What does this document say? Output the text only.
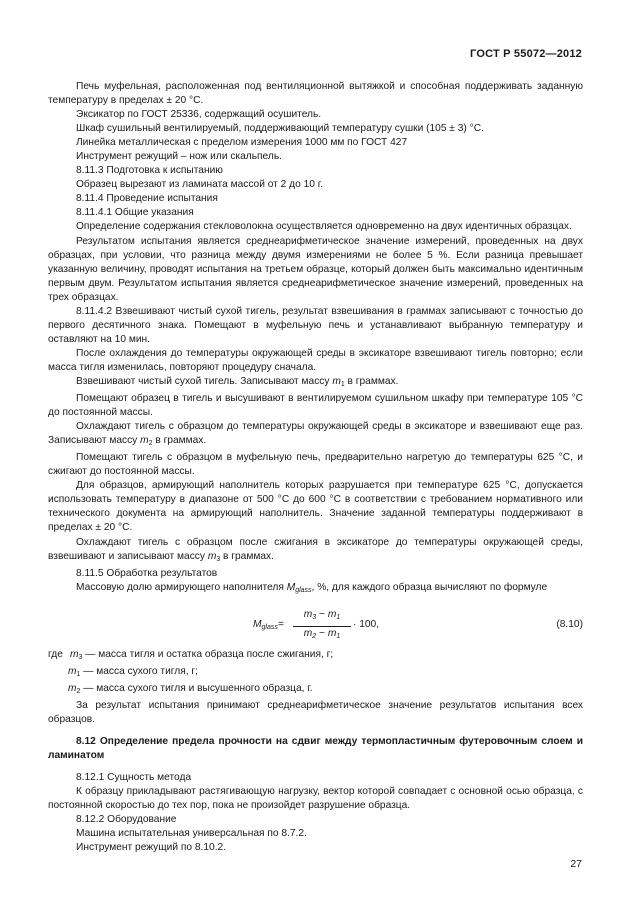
ГОСТ Р 55072—2012

Печь муфельная, расположенная под вентиляционной вытяжкой и способная поддерживать заданную температуру в пределах ± 20 °C.

Эксикатор по ГОСТ 25336, содержащий осушитель.

Шкаф сушильный вентилируемый, поддерживающий температуру сушки (105 ± 3) °C.

Линейка металлическая с пределом измерения 1000 мм по ГОСТ 427

Инструмент режущий – нож или скальпель.

8.11.3 Подготовка к испытанию

Образец вырезают из ламината массой от 2 до 10 г.

8.11.4 Проведение испытания

8.11.4.1 Общие указания

Определение содержания стекловолокна осуществляется одновременно на двух идентичных образцах.

Результатом испытания является среднеарифметическое значение измерений, проведенных на двух образцах, при условии, что разница между двумя измерениями не более 5 %. Если разница превышает указанную величину, проводят испытания на третьем образце, который должен быть максимально идентичным первым двум. Результатом испытания является среднеарифметическое значение измерений, проведенных на трех образцах.

8.11.4.2 Взвешивают чистый сухой тигель, результат взвешивания в граммах записывают с точностью до первого десятичного знака. Помещают в муфельную печь и устанавливают выбранную температуру и оставляют на 10 мин.

После охлаждения до температуры окружающей среды в эксикаторе взвешивают тигель повторно; если масса тигля изменилась, повторяют процедуру сначала.

Взвешивают чистый сухой тигель. Записывают массу $m_1$ в граммах.

Помещают образец в тигель и высушивают в вентилируемом сушильном шкафу при температуре 105 °C до постоянной массы.

Охлаждают тигель с образцом до температуры окружающей среды в эксикаторе и взвешивают еще раз. Записывают массу $m_2$ в граммах.

Помещают тигель с образцом в муфельную печь, предварительно нагретую до температуры 625 °C, и сжигают до постоянной массы.

Для образцов, армирующий наполнитель которых разрушается при температуре 625 °C, допускается использовать температуру в диапазоне от 500 °C до 600 °C в соответствии с требованием нормативного или технического документа на армирующий наполнитель. Значение заданной температуры поддерживают в пределах ± 20 °C.

Охлаждают тигель с образцом после сжигания в эксикаторе до температуры окружающей среды, взвешивают и записывают массу $m_3$ в граммах.

8.11.5 Обработка результатов

Массовую долю армирующего наполнителя $M_{glass}$, %, для каждого образца вычисляют по формуле

$M_{glass} = \frac{m_3 - m_1}{m_2 - m_1} \cdot 100$,	(8.10)

где $m_3$ — масса тигля и остатка образца после сжигания, г;

$m_1$ — масса сухого тигля, г;

$m_2$ — масса сухого тигля и высушенного образца, г.

За результат испытания принимают среднеарифметическое значение результатов испытания всех образцов.

8.12 Определение предела прочности на сдвиг между термопластичным футеровочным слоем и ламинатом

8.12.1 Сущность метода

К образцу прикладывают растягивающую нагрузку, вектор которой совпадает с основной осью образца, с постоянной скоростью до тех пор, пока не произойдет разрушение образца.

8.12.2 Оборудование

Машина испытательная универсальная по 8.7.2.

Инструмент режущий по 8.10.2.

27
